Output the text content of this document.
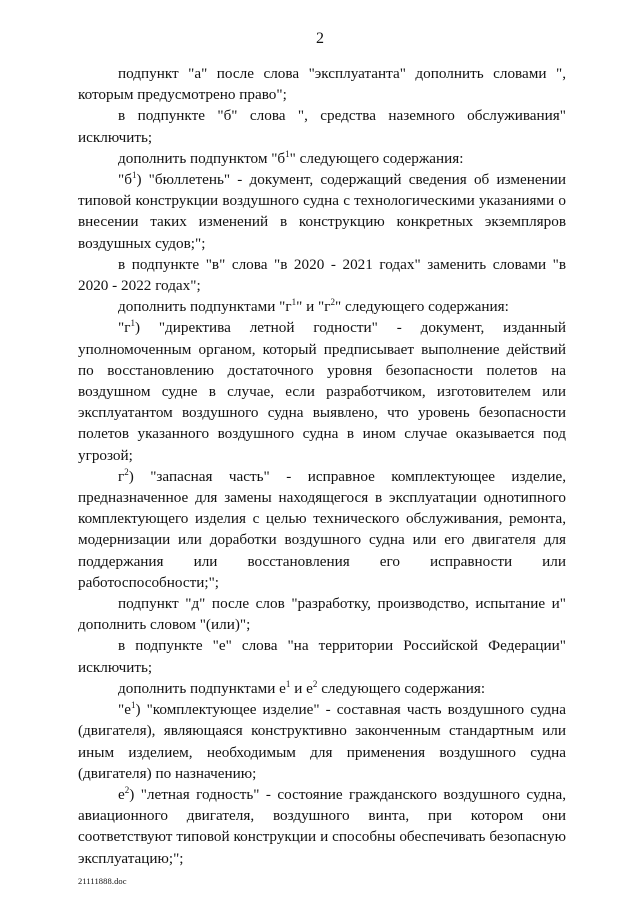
2

подпункт "а" после слова "эксплуатанта" дополнить словами ", которым предусмотрено право";

в подпункте "б" слова ", средства наземного обслуживания" исключить;

дополнить подпунктом "$б^1$" следующего содержания:

"$б^1$) "бюллетень" - документ, содержащий сведения об изменении типовой конструкции воздушного судна с технологическими указаниями о внесении таких изменений в конструкцию конкретных экземпляров воздушных судов;";

в подпункте "в" слова "в 2020 - 2021 годах" заменить словами "в 2020 - 2022 годах";

дополнить подпунктами "$г^1$" и "$г^2$" следующего содержания:

"$г^1$) "директива летной годности" - документ, изданный уполномоченным органом, который предписывает выполнение действий по восстановлению достаточного уровня безопасности полетов на воздушном судне в случае, если разработчиком, изготовителем или эксплуатантом воздушного судна выявлено, что уровень безопасности полетов указанного воздушного судна в ином случае оказывается под угрозой;

$г^2$) "запасная часть" - исправное комплектующее изделие, предназначенное для замены находящегося в эксплуатации однотипного комплектующего изделия с целью технического обслуживания, ремонта, модернизации или доработки воздушного судна или его двигателя для поддержания или восстановления его исправности или работоспособности;";

подпункт "д" после слов "разработку, производство, испытание и" дополнить словом "(или)";

в подпункте "е" слова "на территории Российской Федерации" исключить;

дополнить подпунктами $е^1$ и $е^2$ следующего содержания:

"$е^1$) "комплектующее изделие" - составная часть воздушного судна (двигателя), являющаяся конструктивно законченным стандартным или иным изделием, необходимым для применения воздушного судна (двигателя) по назначению;

$е^2$) "летная годность" - состояние гражданского воздушного судна, авиационного двигателя, воздушного винта, при котором они соответствуют типовой конструкции и способны обеспечивать безопасную эксплуатацию;";

21111888.doc
